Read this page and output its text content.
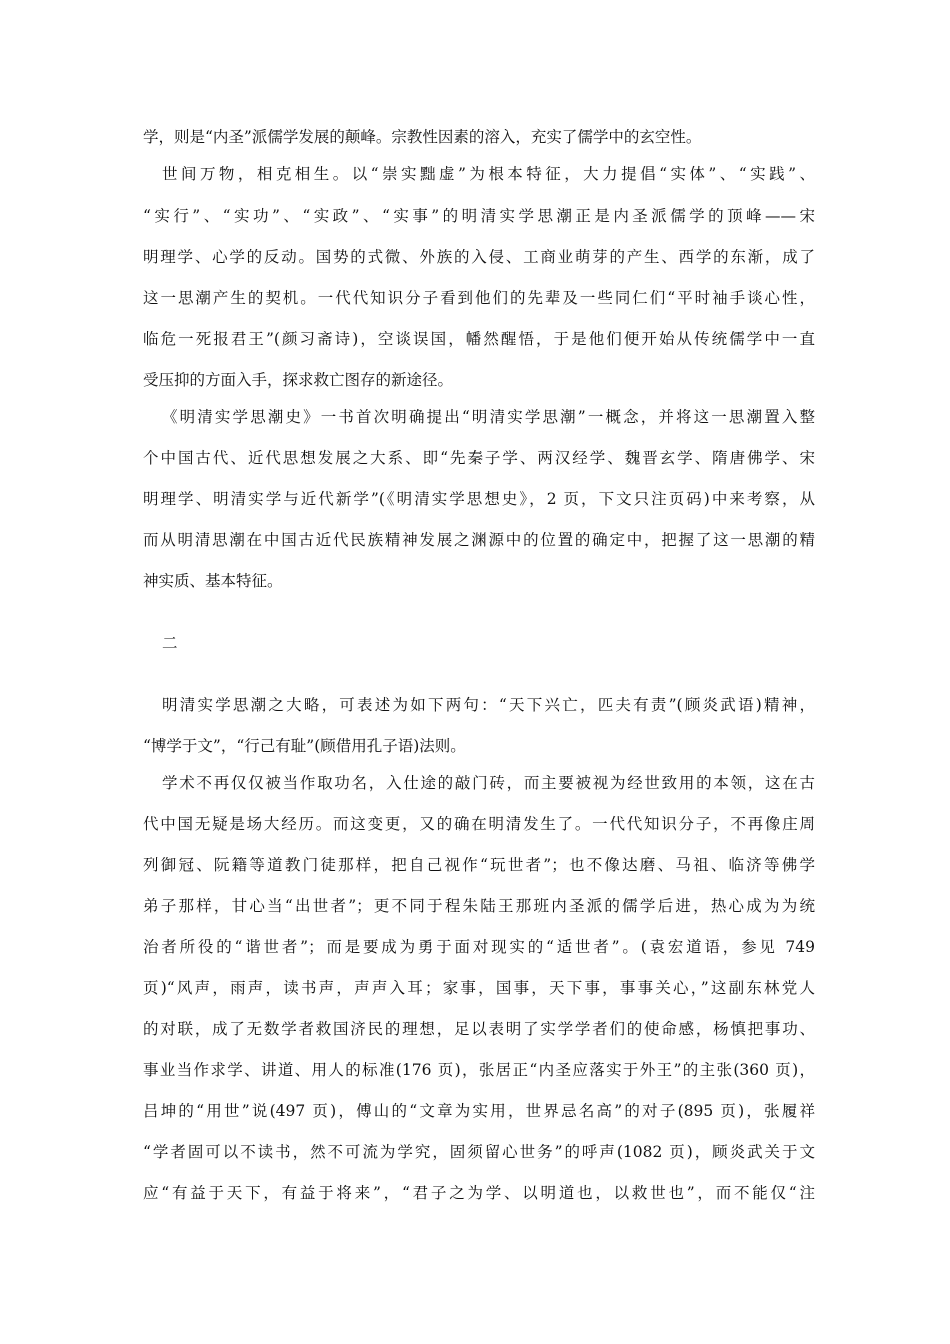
学，则是“内圣”派儒学发展的颠峰。宗教性因素的溶入，充实了儒学中的玄空性。
世间万物，相克相生。以“崇实黜虚”为根本特征，大力提倡“实体”、“实践”、
“实行”、“实功”、“实政”、“实事”的明清实学思潮正是内圣派儒学的顶峰——宋
明理学、心学的反动。国势的式微、外族的入侵、工商业萌芽的产生、西学的东渐，成了
这一思潮产生的契机。一代代知识分子看到他们的先辈及一些同仁们“平时袖手谈心性，
临危一死报君王”(颜习斋诗)，空谈误国，幡然醒悟，于是他们便开始从传统儒学中一直
受压抑的方面入手，探求救亡图存的新途径。
《明清实学思潮史》一书首次明确提出“明清实学思潮”一概念，并将这一思潮置入整
个中国古代、近代思想发展之大系、即“先秦子学、两汉经学、魏晋玄学、隋唐佛学、宋
明理学、明清实学与近代新学”(《明清实学思想史》，2 页，下文只注页码)中来考察，从
而从明清思潮在中国古近代民族精神发展之渊源中的位置的确定中，把握了这一思潮的精
神实质、基本特征。
二
明清实学思潮之大略，可表述为如下两句：“天下兴亡，匹夫有责”(顾炎武语)精神，
“博学于文”，“行己有耻”(顾借用孔子语)法则。
学术不再仅仅被当作取功名，入仕途的敲门砖，而主要被视为经世致用的本领，这在古
代中国无疑是场大经历。而这变更，又的确在明清发生了。一代代知识分子，不再像庄周
列御冠、阮籍等道教门徒那样，把自己视作“玩世者”；也不像达磨、马祖、临济等佛学
弟子那样，甘心当“出世者”；更不同于程朱陆王那班内圣派的儒学后进，热心成为为统
治者所役的“谐世者”；而是要成为勇于面对现实的“适世者”。(袁宏道语，参见 749
页)“风声，雨声，读书声，声声入耳；家事，国事，天下事，事事关心，”这副东林党人
的对联，成了无数学者救国济民的理想，足以表明了实学学者们的使命感，杨慎把事功、
事业当作求学、讲道、用人的标准(176 页)，张居正“内圣应落实于外王”的主张(360 页)，
吕坤的“用世”说(497 页)，傅山的“文章为实用，世界忌名高”的对子(895 页)，张履祥
“学者固可以不读书，然不可流为学究，固须留心世务”的呼声(1082 页)，顾炎武关于文
应“有益于天下，有益于将来”，“君子之为学、以明道也，以救世也”，而不能仅“注
